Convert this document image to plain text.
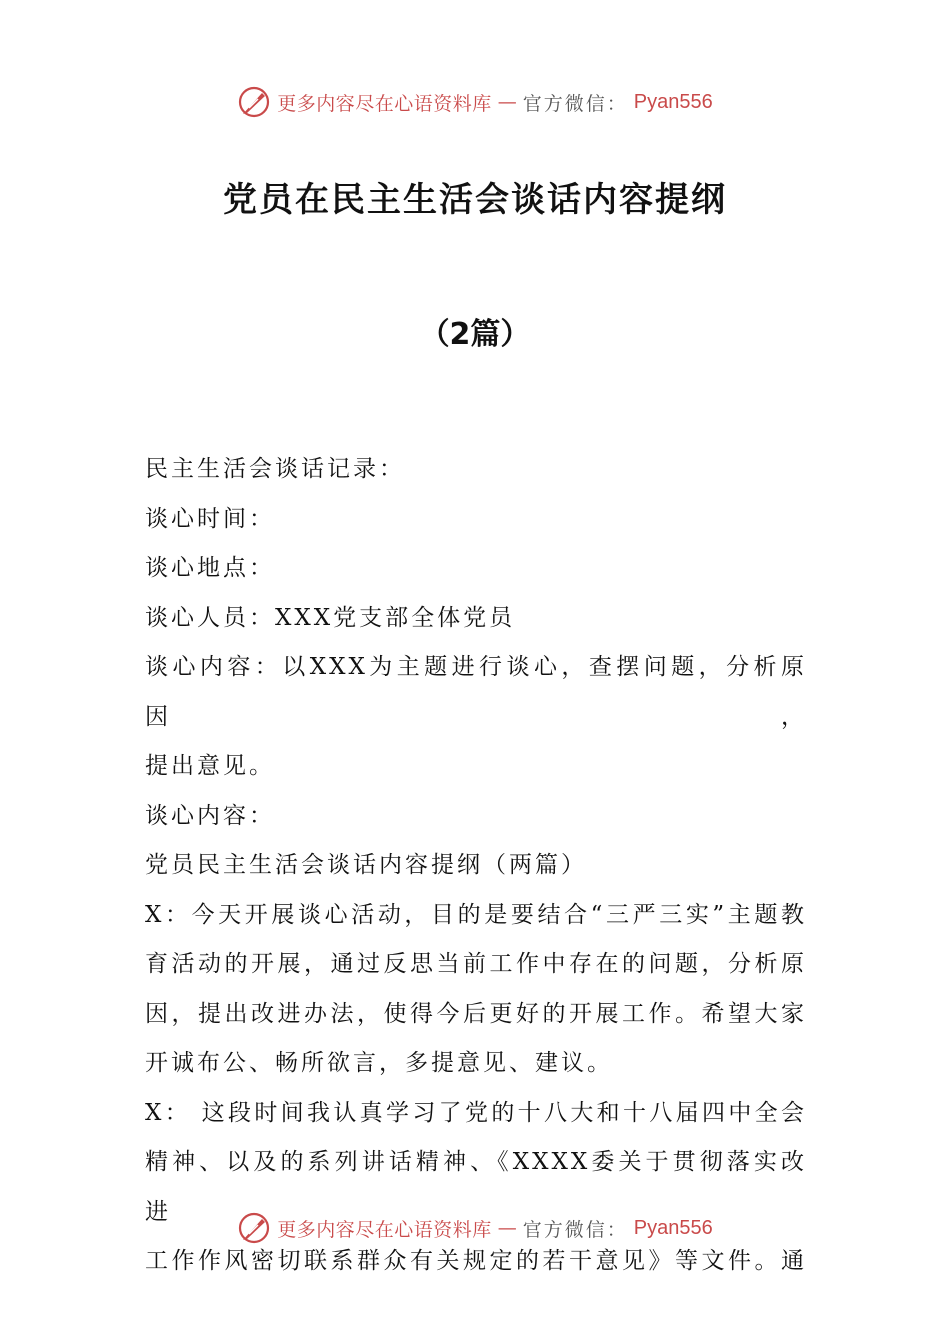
更多内容尽在心语资料库 — 官方微信： Pyan556
党员在民主生活会谈话内容提纲
（2篇）

民主生活会谈话记录：

谈心时间：

谈心地点：

谈心人员：XXX党支部全体党员

谈心内容：以XXX为主题进行谈心，查摆问题，分析原因，

提出意见。

谈心内容：

党员民主生活会谈话内容提纲（两篇）

X：今天开展谈心活动，目的是要结合“三严三实”主题教

育活动的开展，通过反思当前工作中存在的问题，分析原

因，提出改进办法，使得今后更好的开展工作。希望大家

开诚布公、畅所欲言，多提意见、建议。

X： 这段时间我认真学习了党的十八大和十八届四中全会

精神、以及的系列讲话精神、《XXXX委关于贯彻落实改进

工作作风密切联系群众有关规定的若干意见》等文件。通

更多内容尽在心语资料库 — 官方微信： Pyan556
